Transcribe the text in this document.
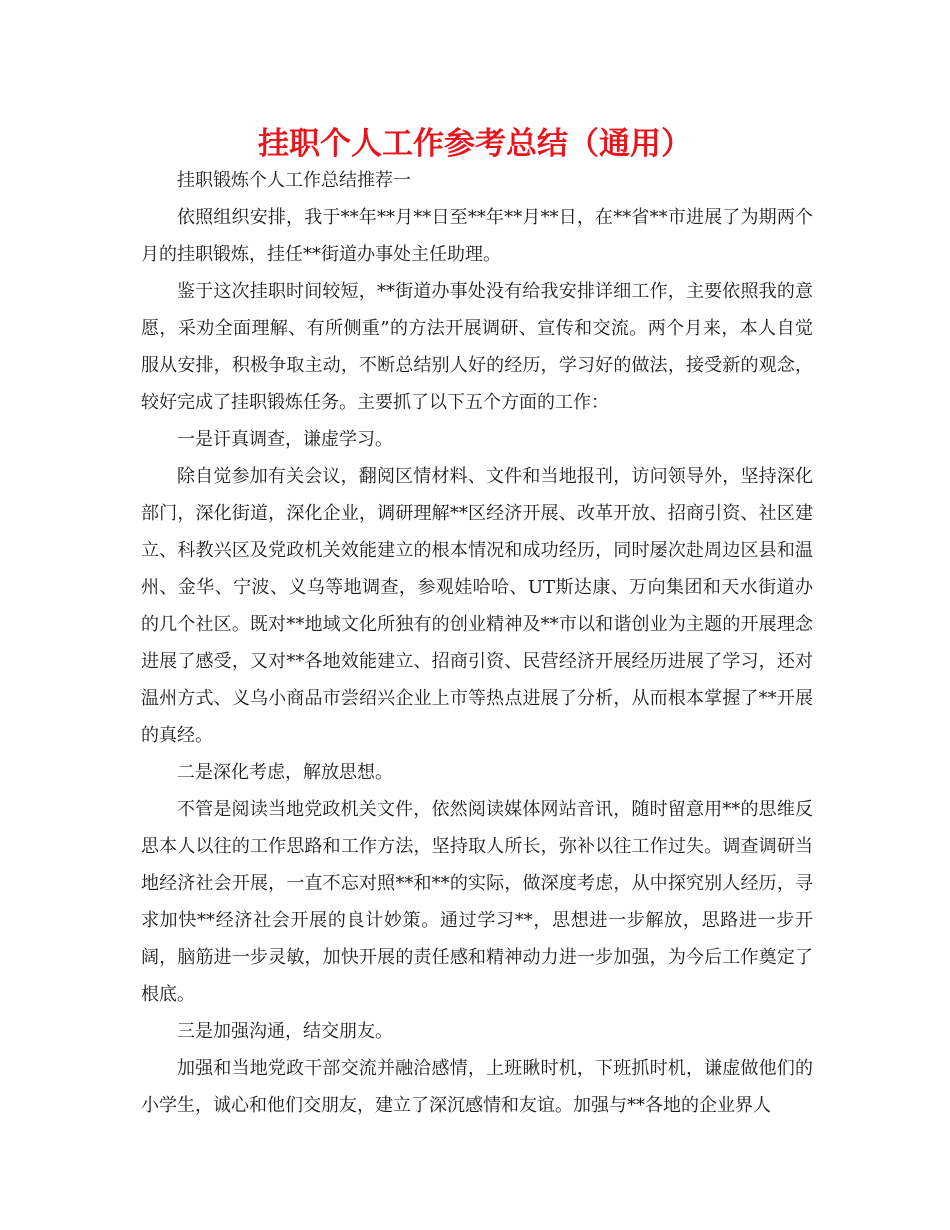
挂职个人工作参考总结（通用）

挂职锻炼个人工作总结推荐一

依照组织安排，我于**年**月**日至**年**月**日，在**省**市进展了为期两个月的挂职锻炼，挂任**街道办事处主任助理。

鉴于这次挂职时间较短，**街道办事处没有给我安排详细工作，主要依照我的意愿，采劝全面理解、有所侧重”的方法开展调研、宣传和交流。两个月来，本人自觉服从安排，积极争取主动，不断总结别人好的经历，学习好的做法，接受新的观念，较好完成了挂职锻炼任务。主要抓了以下五个方面的工作：

一是讦真调查，谦虚学习。

除自觉参加有关会议，翻阅区情材料、文件和当地报刊，访问领导外，坚持深化部门，深化街道，深化企业，调研理解**区经济开展、改革开放、招商引资、社区建立、科教兴区及党政机关效能建立的根本情况和成功经历，同时屡次赴周边区县和温州、金华、宁波、义乌等地调查，参观娃哈哈、UT斯达康、万向集团和天水街道办的几个社区。既对**地域文化所独有的创业精神及**市以和谐创业为主题的开展理念进展了感受，又对**各地效能建立、招商引资、民营经济开展经历进展了学习，还对温州方式、义乌小商品市尝绍兴企业上市等热点进展了分析，从而根本掌握了**开展的真经。

二是深化考虑，解放思想。

不管是阅读当地党政机关文件，依然阅读媒体网站音讯，随时留意用**的思维反思本人以往的工作思路和工作方法，坚持取人所长，弥补以往工作过失。调查调研当地经济社会开展，一直不忘对照**和**的实际，做深度考虑，从中探究别人经历，寻求加快**经济社会开展的良计妙策。通过学习**，思想进一步解放，思路进一步开阔，脑筋进一步灵敏，加快开展的责任感和精神动力进一步加强，为今后工作奠定了根底。

三是加强沟通，结交朋友。

加强和当地党政干部交流并融洽感情，上班瞅时机，下班抓时机，谦虚做他们的小学生，诚心和他们交朋友，建立了深沉感情和友谊。加强与**各地的企业界人
